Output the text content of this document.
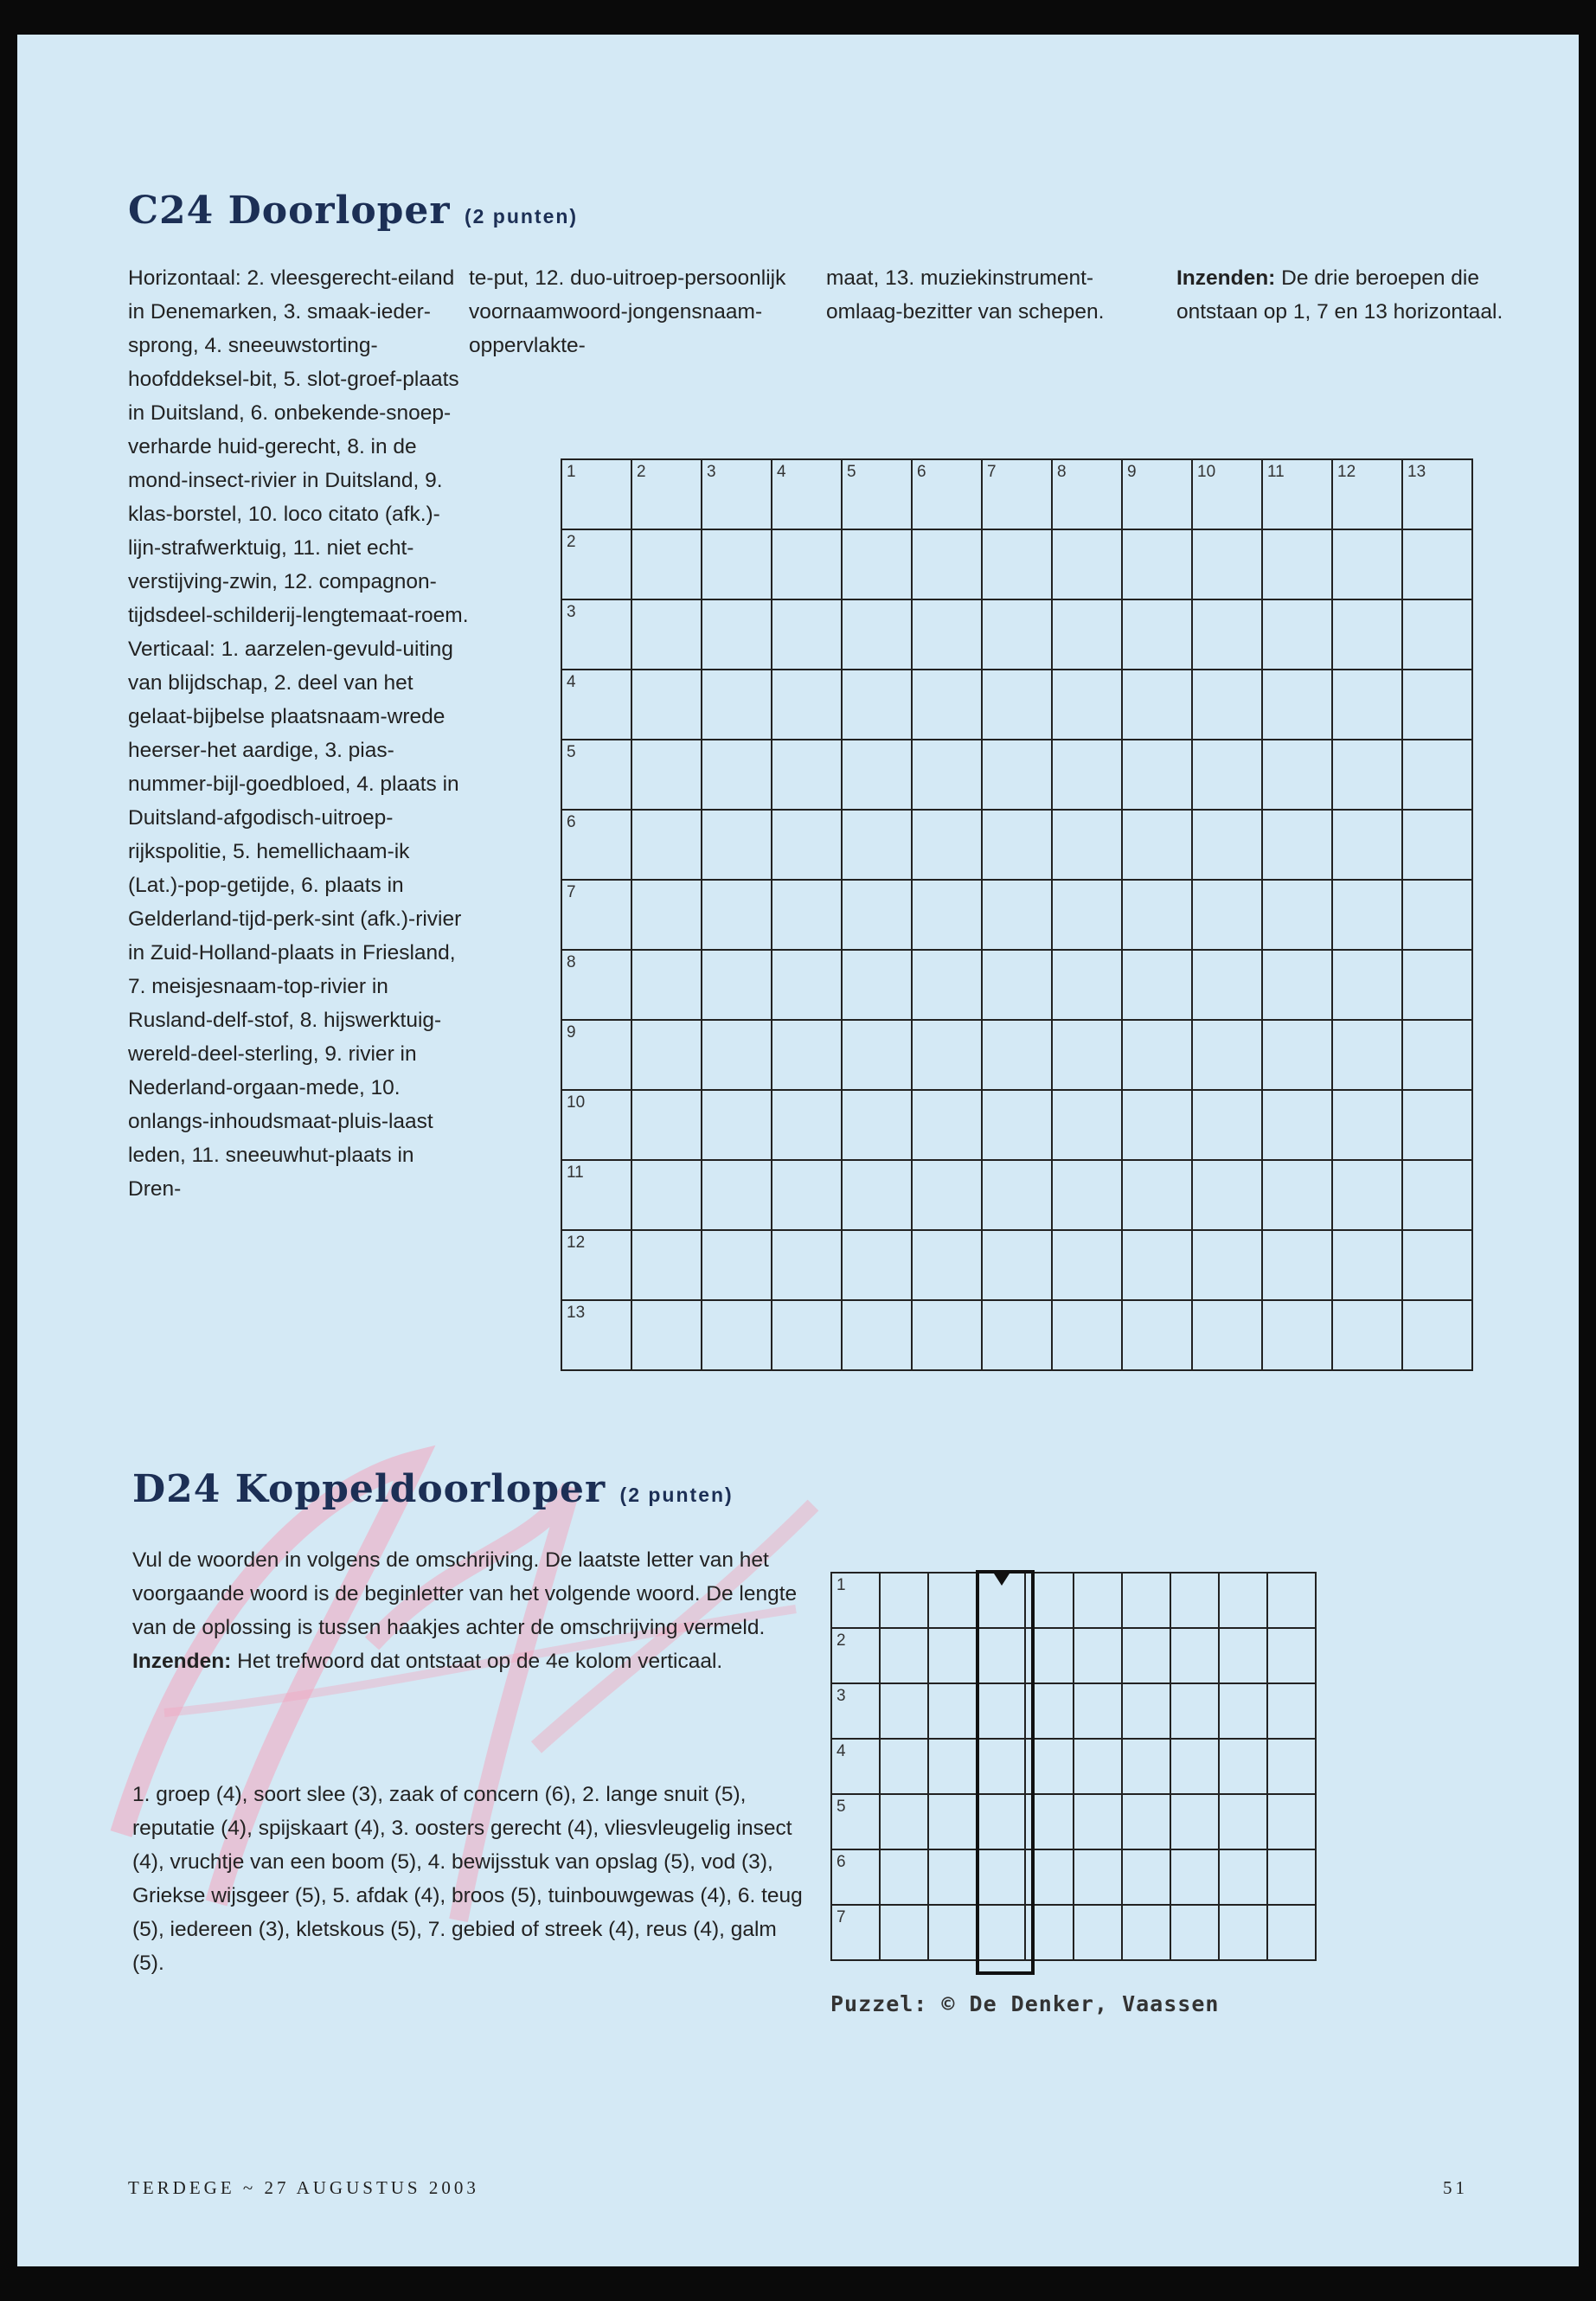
C24 Doorloper (2 punten)
Horizontaal: 2. vleesgerecht-eiland in Denemarken, 3. smaak-ieder-sprong, 4. sneeuwstorting-hoofddeksel-bit, 5. slot-groef-plaats in Duitsland, 6. onbekende-snoep-verharde huid-gerecht, 8. in de mond-insect-rivier in Duitsland, 9. klas-borstel, 10. loco citato (afk.)-lijn-strafwerktuig, 11. niet echt-verstijving-zwin, 12. compagnon-tijdsdeel-schilderij-lengtemaat-roem. Verticaal: 1. aarzelen-gevuld-uiting van blijdschap, 2. deel van het gelaat-bijbelse plaatsnaam-wrede heerser-het aardige, 3. pias-nummer-bijl-goedbloed, 4. plaats in Duitsland-afgodisch-uitroep-rijkspolitie, 5. hemellichaam-ik (Lat.)-pop-getijde, 6. plaats in Gelderland-tijd-perk-sint (afk.)-rivier in Zuid-Holland-plaats in Friesland, 7. meisjesnaam-top-rivier in Rusland-delf-stof, 8. hijswerktuig-wereld-deel-sterling, 9. rivier in Nederland-orgaan-mede, 10. onlangs-inhoudsmaat-pluis-laast leden, 11. sneeuwhut-plaats in Dren-
te-put, 12. duo-uitroep-persoonlijk voornaamwoord-jongensnaam-oppervlakte-
maat, 13. muziekinstrument-omlaag-bezitter van schepen.
Inzenden: De drie beroepen die ontstaan op 1, 7 en 13 horizontaal.
1	2	3	4	5	6	7	8	9	10	11	12	13

2												

3												

4												

5												

6												

7												

8												

9												

10												

11												

12												

13												

D24 Koppeldoorloper (2 punten)
Vul de woorden in volgens de omschrijving. De laatste letter van het voorgaande woord is de beginletter van het volgende woord. De lengte van de oplossing is tussen haakjes achter de omschrijving vermeld. Inzenden: Het trefwoord dat ontstaat op de 4e kolom verticaal.
1. groep (4), soort slee (3), zaak of concern (6), 2. lange snuit (5), reputatie (4), spijskaart (4), 3. oosters gerecht (4), vliesvleugelig insect (4), vruchtje van een boom (5), 4. bewijsstuk van opslag (5), vod (3), Griekse wijsgeer (5), 5. afdak (4), broos (5), tuinbouwgewas (4), 6. teug (5), iedereen (3), kletskous (5), 7. gebied of streek (4), reus (4), galm (5).
1									

2									

3									

4									

5									

6									

7									

Puzzel: © De Denker, Vaassen
TERDEGE ~ 27 AUGUSTUS 2003	51
